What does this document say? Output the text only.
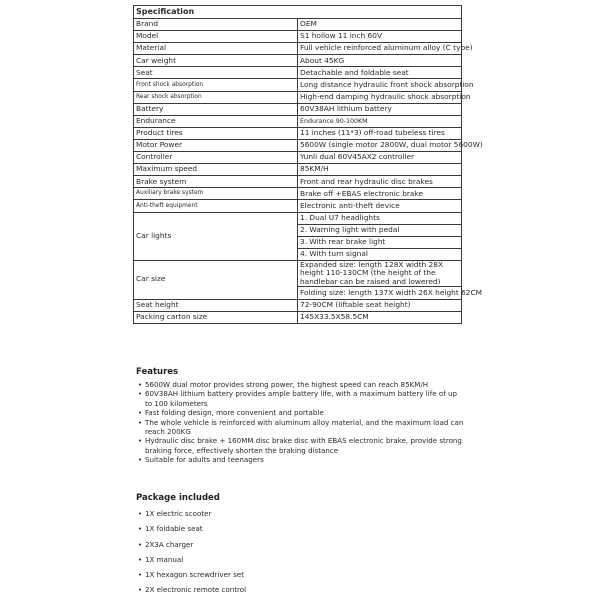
Specification	
Brand	OEM
Model	S1 hollow 11 inch 60V
Material	Full vehicle reinforced aluminum alloy (C type)
Car weight	About 45KG
Seat	Detachable and foldable seat
Front shock absorption	Long distance hydraulic front shock absorption
Rear shock absorption	High-end damping hydraulic shock absorption
Battery	60V38AH lithium battery
Endurance	Endurance 90-100KM
Product tires	11 inches (11*3) off-road tubeless tires
Motor Power	5600W (single motor 2800W, dual motor 5600W)
Controller	Yunli dual 60V45AX2 controller
Maximum speed	85KM/H
Brake system	Front and rear hydraulic disc brakes
Auxiliary brake system	Brake off +EBAS electronic brake
Anti-theft equipment	Electronic anti-theft device
Car lights	1. Dual U7 headlights
	2. Warning light with pedal
	3. With rear brake light
	4. With turn signal
Car size	Expanded size: length 128X width 28X height 110-130CM (the height of the handlebar can be raised and lowered)
	Folding size: length 137X width 26X height 62CM
Seat height	72-90CM (liftable seat height)
Packing carton size	145X33.5X58.5CM
Features
• 5600W dual motor provides strong power, the highest speed can reach 85KM/H
• 60V38AH lithium battery provides ample battery life, with a maximum battery life of up to 100 kilometers
• Fast folding design, more convenient and portable
• The whole vehicle is reinforced with aluminum alloy material, and the maximum load can reach 200KG
• Hydraulic disc brake + 160MM disc brake disc with EBAS electronic brake, provide strong braking force, effectively shorten the braking distance
• Suitable for adults and teenagers
Package included
• 1X electric scooter
• 1X foldable seat
• 2X3A charger
• 1X manual
• 1X hexagon screwdriver set
• 2X electronic remote control
